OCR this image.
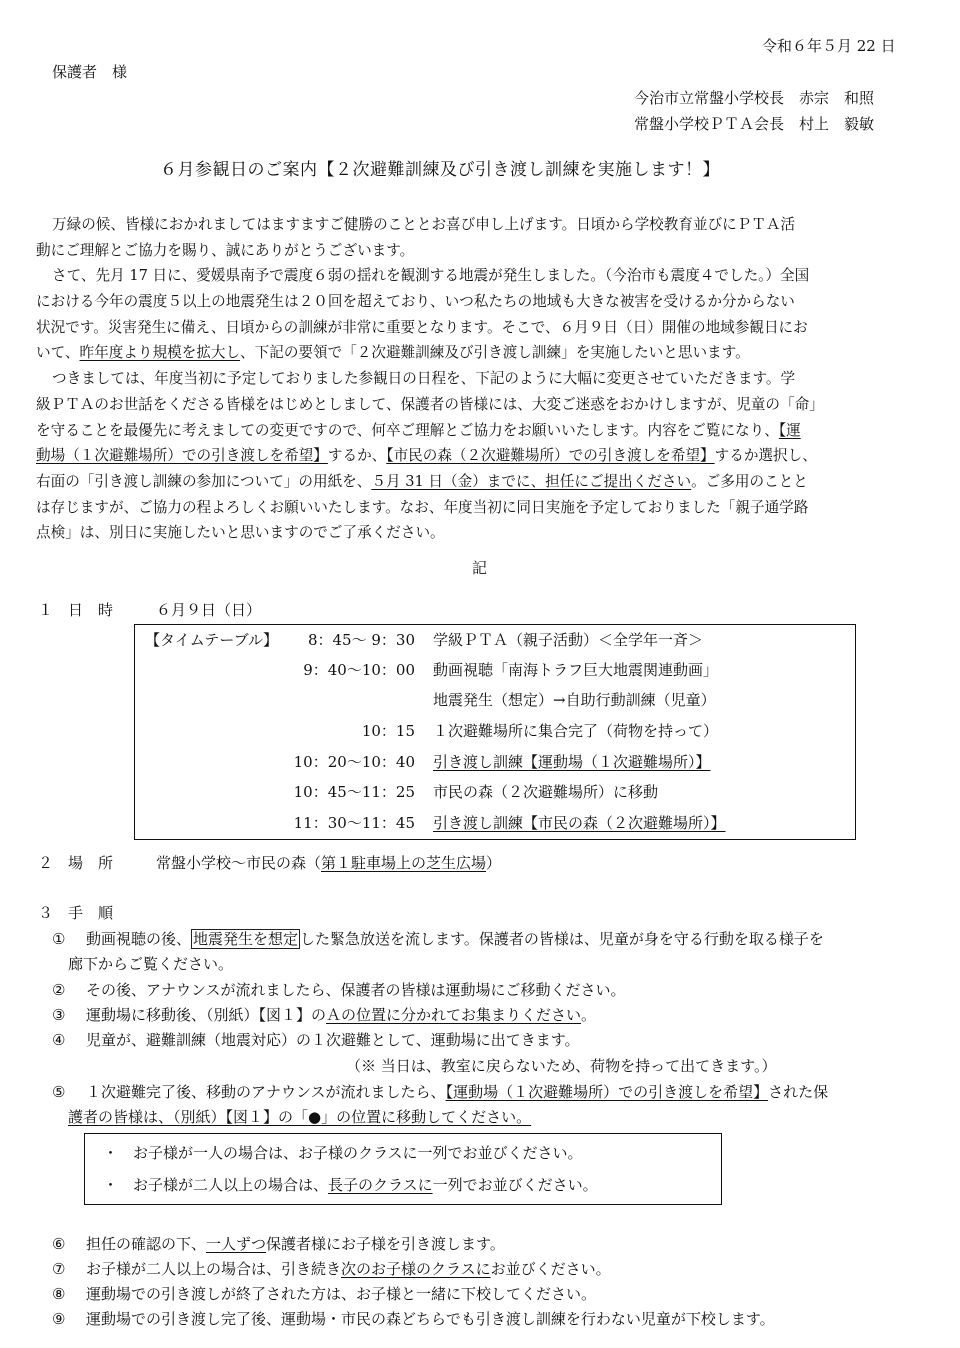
令和６年５月 22 日
保護者　様
今治市立常盤小学校長　赤宗　和照
常盤小学校ＰＴＡ会長　村上　毅敏
６月参観日のご案内【２次避難訓練及び引き渡し訓練を実施します！】
万緑の候、皆様におかれましてはますますご健勝のこととお喜び申し上げます。日頃から学校教育並びにＰＴＡ活
動にご理解とご協力を賜り、誠にありがとうございます。
さて、先月 17 日に、愛媛県南予で震度６弱の揺れを観測する地震が発生しました。（今治市も震度４でした。）全国
における今年の震度５以上の地震発生は２０回を超えており、いつ私たちの地域も大きな被害を受けるか分からない
状況です。災害発生に備え、日頃からの訓練が非常に重要となります。そこで、６月９日（日）開催の地域参観日にお
いて、昨年度より規模を拡大し、下記の要領で「２次避難訓練及び引き渡し訓練」を実施したいと思います。
つきましては、年度当初に予定しておりました参観日の日程を、下記のように大幅に変更させていただきます。学
級ＰＴＡのお世話をくださる皆様をはじめとしまして、保護者の皆様には、大変ご迷惑をおかけしますが、児童の「命」
を守ることを最優先に考えましての変更ですので、何卒ご理解とご協力をお願いいたします。内容をご覧になり、【運
動場（１次避難場所）での引き渡しを希望】するか、【市民の森（２次避難場所）での引き渡しを希望】するか選択し、
右面の「引き渡し訓練の参加について」の用紙を、５月 31 日（金）までに、担任にご提出ください。ご多用のことと
は存じますが、ご協力の程よろしくお願いいたします。なお、年度当初に同日実施を予定しておりました「親子通学路
点検」は、別日に実施したいと思いますのでご了承ください。
記
１　日　時	６月９日（日）
【タイムテーブル】	8：45～ 9：30 学級ＰＴＡ（親子活動）＜全学年一斉＞
9：40～10：00 動画視聴「南海トラフ巨大地震関連動画」
地震発生（想定）→自助行動訓練（児童）
10：15 １次避難場所に集合完了（荷物を持って）
10：20～10：40 引き渡し訓練【運動場（１次避難場所）】
10：45～11：25 市民の森（２次避難場所）に移動
11：30～11：45 引き渡し訓練【市民の森（２次避難場所）】
２　場　所	常盤小学校～市民の森（第１駐車場上の芝生広場）
３　手　順
① 動画視聴の後、 地震発生を想定 した緊急放送を流します。保護者の皆様は、児童が身を守る行動を取る様子を
廊下からご覧ください。
② その後、アナウンスが流れましたら、保護者の皆様は運動場にご移動ください。
③ 運動場に移動後、（別紙）【図１】のＡの位置に分かれてお集まりください。
④ 児童が、避難訓練（地震対応）の１次避難として、運動場に出てきます。
（※ 当日は、教室に戻らないため、荷物を持って出てきます。）
⑤ １次避難完了後、移動のアナウンスが流れましたら、【運動場（１次避難場所）での引き渡しを希望】された保
護者の皆様は、（別紙）【図１】の「●」の位置に移動してください。
・　お子様が一人の場合は、お子様のクラスに一列でお並びください。
・　お子様が二人以上の場合は、長子のクラスに一列でお並びください。
⑥ 担任の確認の下、一人ずつ保護者様にお子様を引き渡します。
⑦ お子様が二人以上の場合は、引き続き次のお子様のクラスにお並びください。
⑧ 運動場での引き渡しが終了された方は、お子様と一緒に下校してください。
⑨ 運動場での引き渡し完了後、運動場・市民の森どちらでも引き渡し訓練を行わない児童が下校します。
